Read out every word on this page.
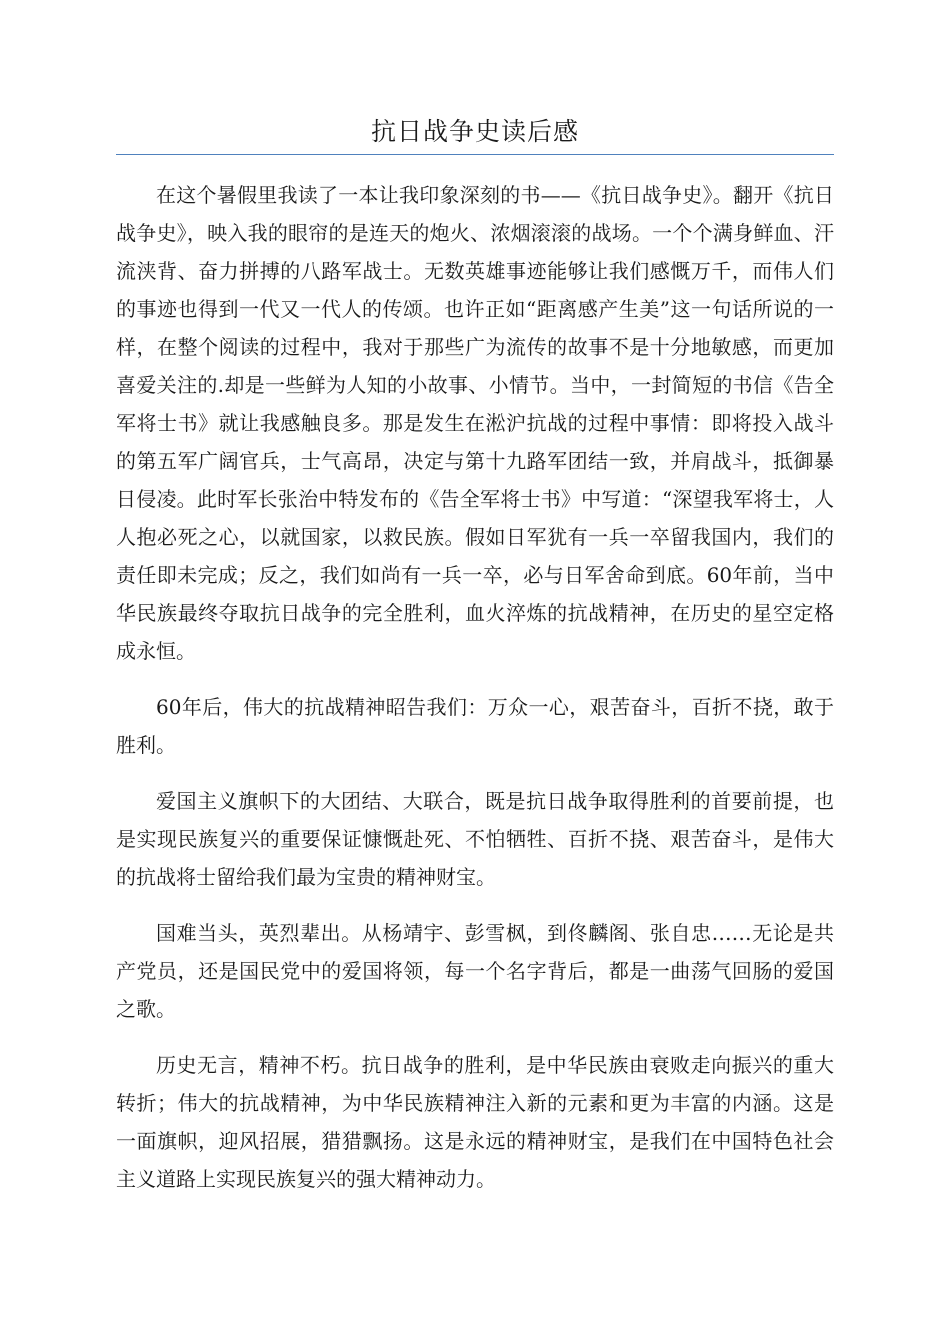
抗日战争史读后感

在这个暑假里我读了一本让我印象深刻的书——《抗日战争史》。翻开《抗日战争史》，映入我的眼帘的是连天的炮火、浓烟滚滚的战场。一个个满身鲜血、汗流浃背、奋力拼搏的八路军战士。无数英雄事迹能够让我们感慨万千，而伟人们的事迹也得到一代又一代人的传颂。也许正如“距离感产生美”这一句话所说的一样，在整个阅读的过程中，我对于那些广为流传的故事不是十分地敏感，而更加喜爱关注的.却是一些鲜为人知的小故事、小情节。当中，一封简短的书信《告全军将士书》就让我感触良多。那是发生在淞沪抗战的过程中事情：即将投入战斗的第五军广阔官兵，士气高昂，决定与第十九路军团结一致，并肩战斗，抵御暴日侵凌。此时军长张治中特发布的《告全军将士书》中写道：“深望我军将士，人人抱必死之心，以就国家，以救民族。假如日军犹有一兵一卒留我国内，我们的责任即未完成；反之，我们如尚有一兵一卒，必与日军舍命到底。60年前，当中华民族最终夺取抗日战争的完全胜利，血火淬炼的抗战精神，在历史的星空定格成永恒。

60年后，伟大的抗战精神昭告我们：万众一心，艰苦奋斗，百折不挠，敢于胜利。

爱国主义旗帜下的大团结、大联合，既是抗日战争取得胜利的首要前提，也是实现民族复兴的重要保证慷慨赴死、不怕牺牲、百折不挠、艰苦奋斗，是伟大的抗战将士留给我们最为宝贵的精神财宝。

国难当头，英烈辈出。从杨靖宇、彭雪枫，到佟麟阁、张自忠……无论是共产党员，还是国民党中的爱国将领，每一个名字背后，都是一曲荡气回肠的爱国之歌。

历史无言，精神不朽。抗日战争的胜利，是中华民族由衰败走向振兴的重大转折；伟大的抗战精神，为中华民族精神注入新的元素和更为丰富的内涵。这是一面旗帜，迎风招展，猎猎飘扬。这是永远的精神财宝，是我们在中国特色社会主义道路上实现民族复兴的强大精神动力。
